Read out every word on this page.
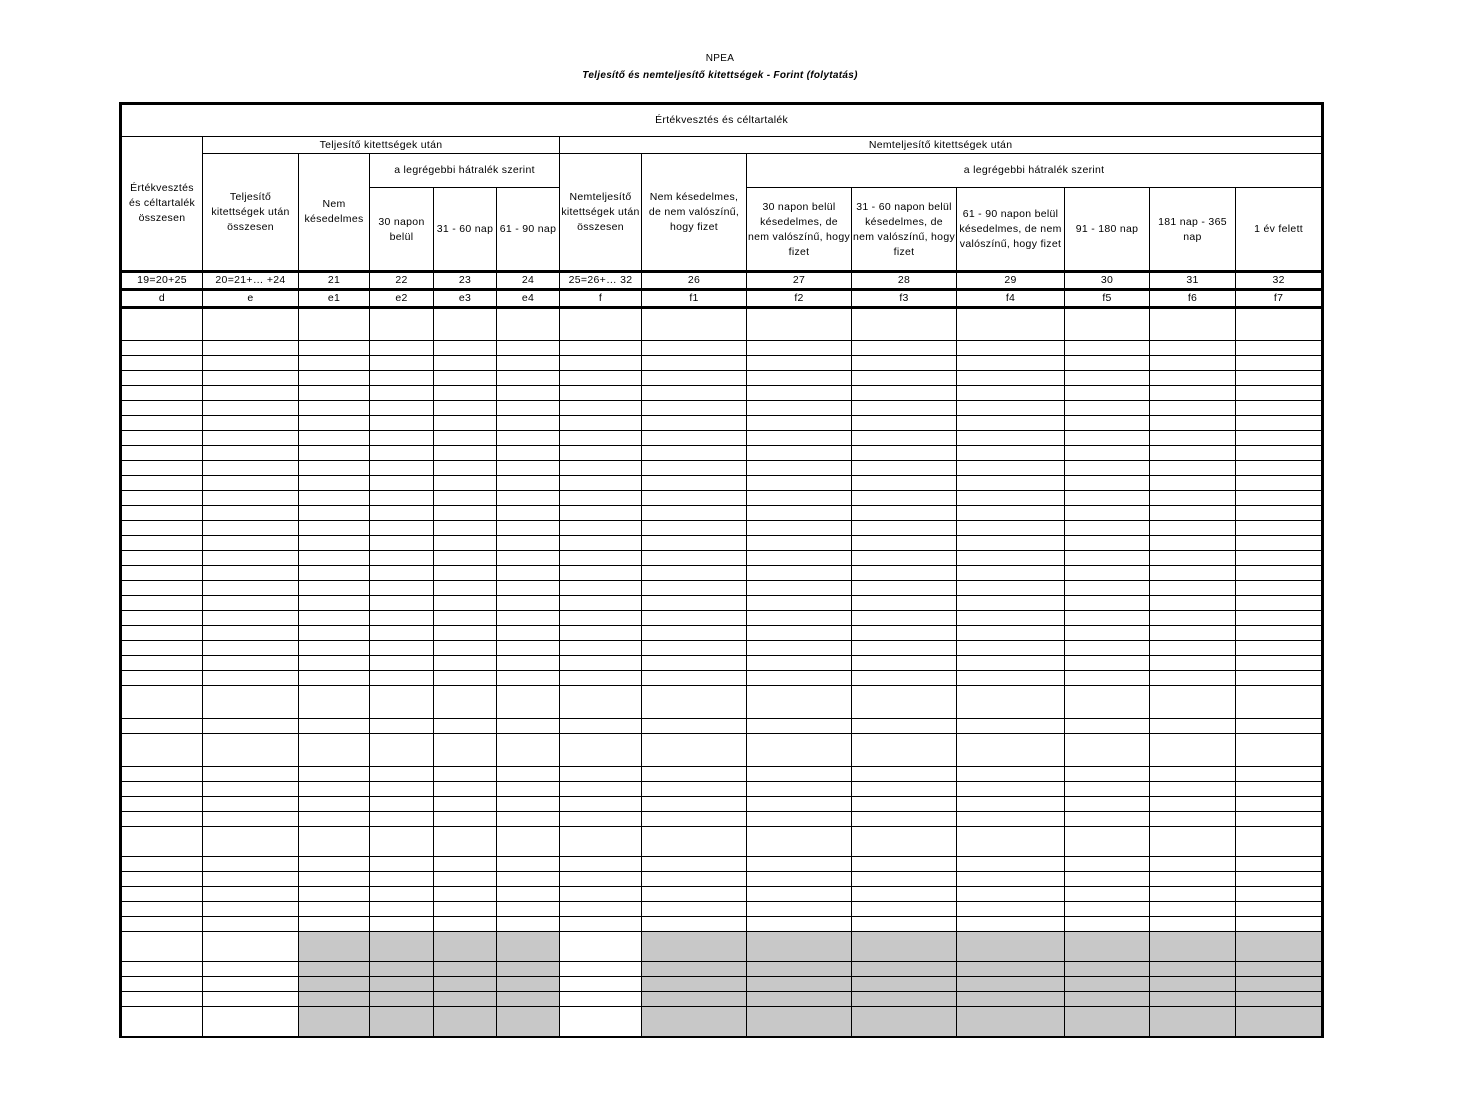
NPEA
Teljesítő és nemteljesítő kitettségek - Forint (folytatás)
Értékvesztés és céltartalék													
Értékvesztés és céltartalék összesen	Teljesítő kitettségek után					Nemteljesítő kitettségek után							
	Teljesítő kitettségek után összesen	Nem késedelmes	a legrégebbi hátralék szerint			Nemteljesítő kitettségek után összesen	Nem késedelmes, de nem valószínű, hogy fizet	a legrégebbi hátralék szerint					
			30 napon belül	31 - 60 nap	61 - 90 nap			30 napon belül késedelmes, de nem valószínű, hogy fizet	31 - 60 napon belül késedelmes, de nem valószínű, hogy fizet	61 - 90 napon belül késedelmes, de nem valószínű, hogy fizet	91 - 180 nap	181 nap - 365 nap	1 év felett

19=20+25	20=21+… +24	21	22	23	24	25=26+… 32	26	27	28	29	30	31	32
d	e	e1	e2	e3	e4	f	f1	f2	f3	f4	f5	f6	f7
